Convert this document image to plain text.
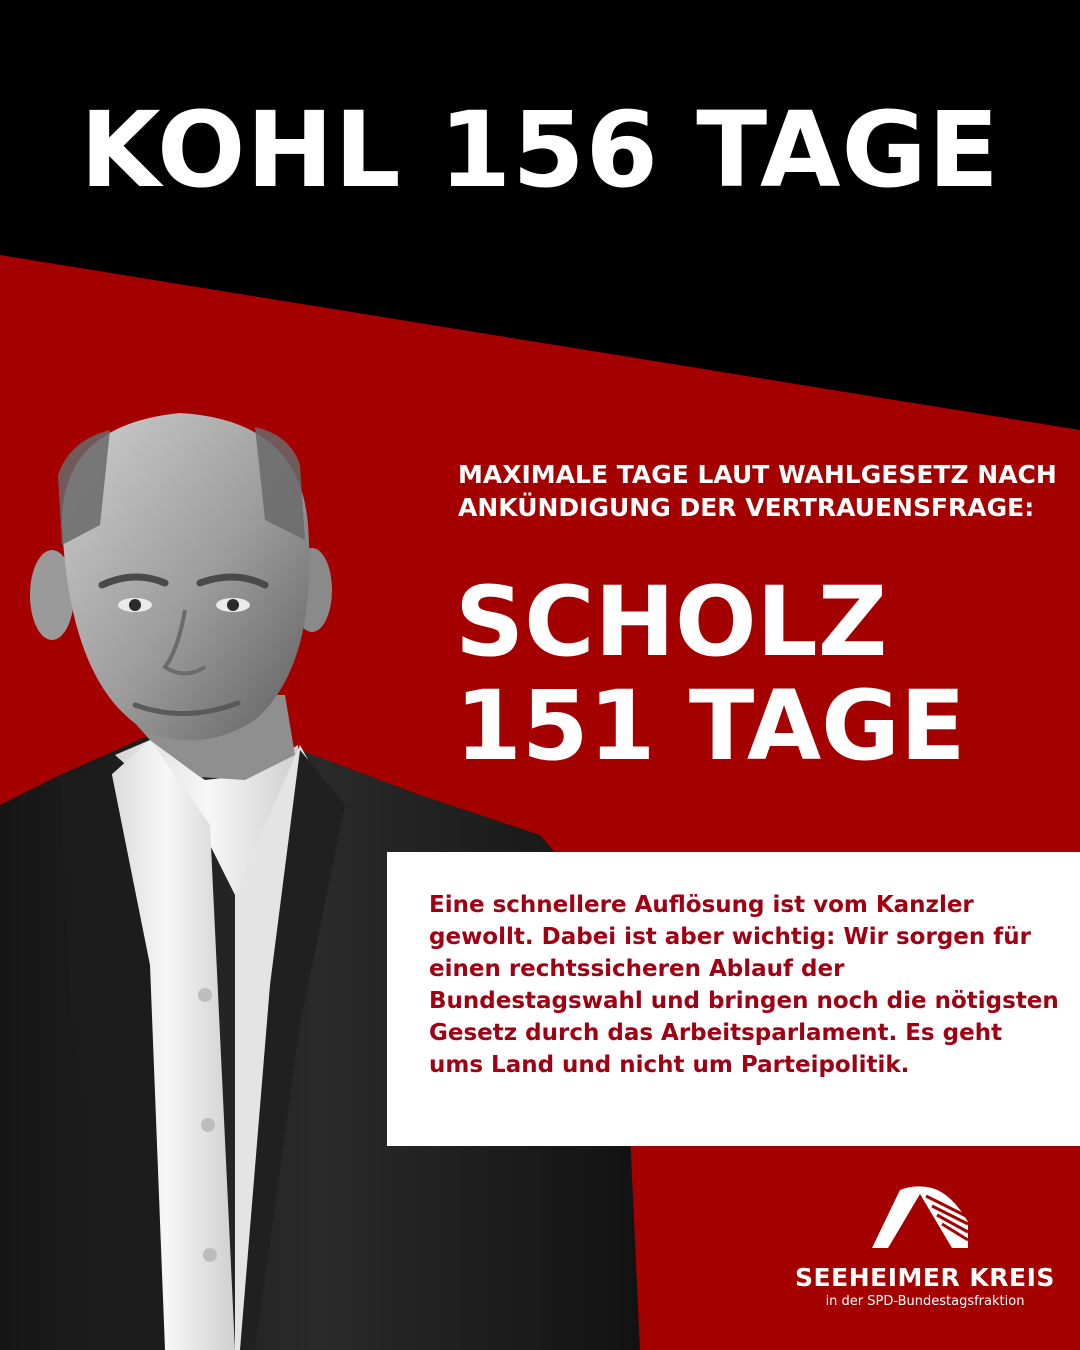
KOHL 156 TAGE
MAXIMALE TAGE LAUT WAHLGESETZ NACH
ANKÜNDIGUNG DER VERTRAUENSFRAGE:
SCHOLZ
151 TAGE

Eine schnellere Auflösung ist vom Kanzler gewollt. Dabei ist aber wichtig: Wir sorgen für einen rechtssicheren Ablauf der Bundestagswahl und bringen noch die nötigsten Gesetz durch das Arbeitsparlament. Es geht ums Land und nicht um Parteipolitik.

SEEHEIMER KREIS
in der SPD-Bundestagsfraktion
